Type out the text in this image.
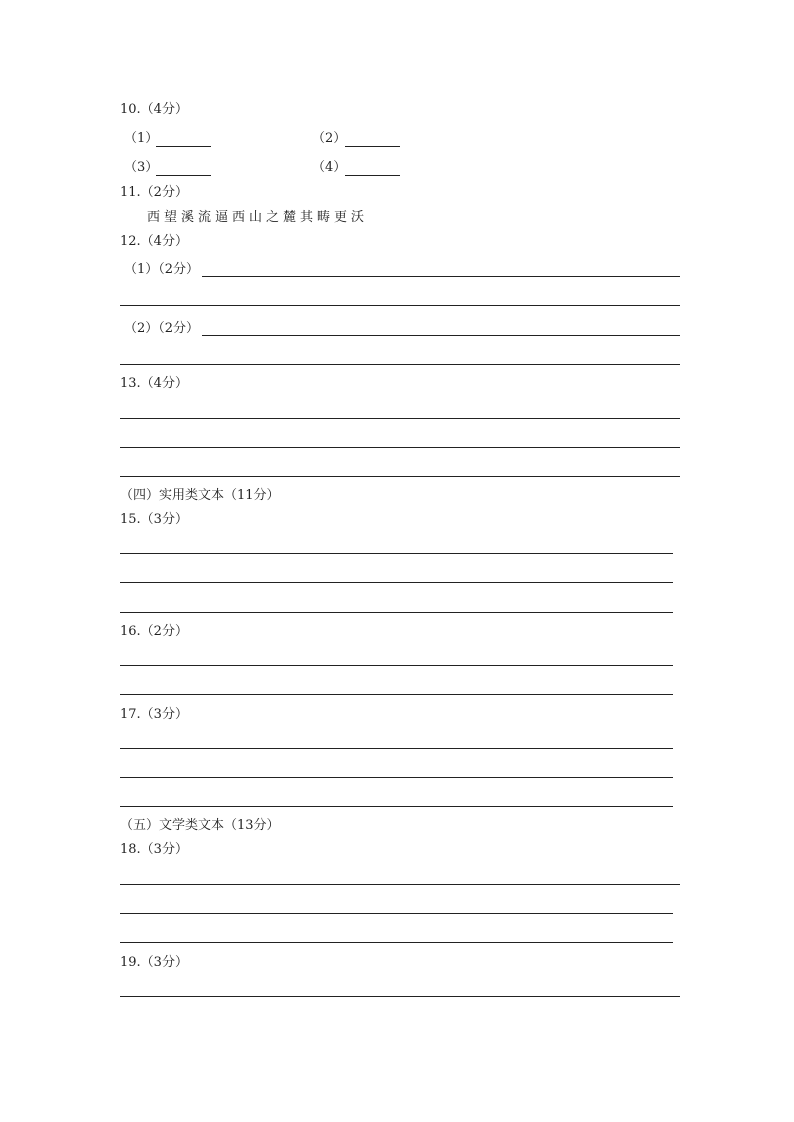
10.（4分）
（1）	（2）
（3）	（4）
11.（2分）
西望溪流逼西山之麓其畴更沃
12.（4分）
（1）（2分）
（2）（2分）
13.（4分）
（四）实用类文本（11分）
15.（3分）
16.（2分）
17.（3分）
（五）文学类文本（13分）
18.（3分）
19.（3分）
